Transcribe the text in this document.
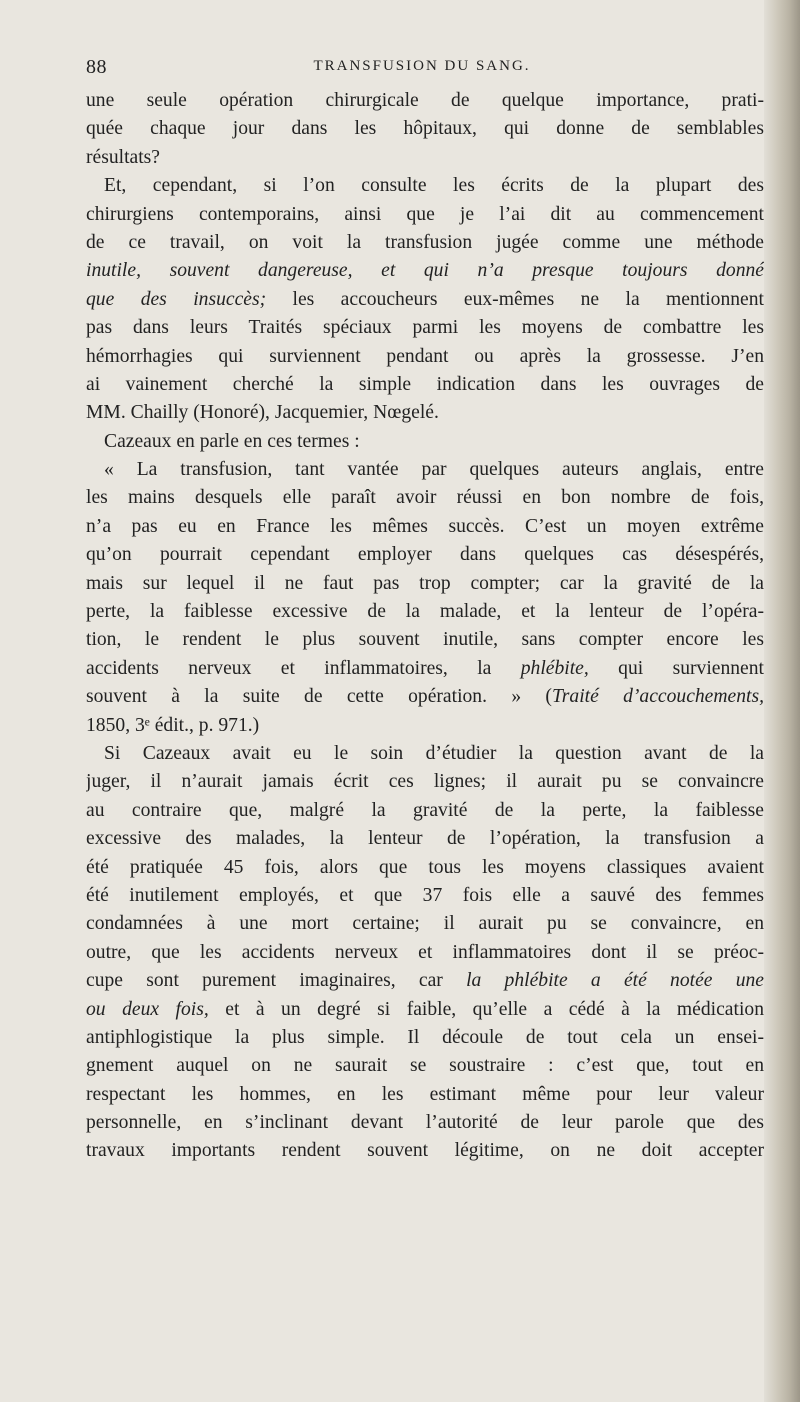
88	TRANSFUSION DU SANG.
une seule opération chirurgicale de quelque importance, prati-
quée chaque jour dans les hôpitaux, qui donne de semblables
résultats?
Et, cependant, si l’on consulte les écrits de la plupart des
chirurgiens contemporains, ainsi que je l’ai dit au commencement
de ce travail, on voit la transfusion jugée comme une méthode
inutile, souvent dangereuse, et qui n’a presque toujours donné
que des insuccès; les accoucheurs eux-mêmes ne la mentionnent
pas dans leurs Traités spéciaux parmi les moyens de combattre les
hémorrhagies qui surviennent pendant ou après la grossesse. J’en
ai vainement cherché la simple indication dans les ouvrages de
MM. Chailly (Honoré), Jacquemier, Nœgelé.
Cazeaux en parle en ces termes :
« La transfusion, tant vantée par quelques auteurs anglais, entre
les mains desquels elle paraît avoir réussi en bon nombre de fois,
n’a pas eu en France les mêmes succès. C’est un moyen extrême
qu’on pourrait cependant employer dans quelques cas désespérés,
mais sur lequel il ne faut pas trop compter; car la gravité de la
perte, la faiblesse excessive de la malade, et la lenteur de l’opéra-
tion, le rendent le plus souvent inutile, sans compter encore les
accidents nerveux et inflammatoires, la phlébite, qui surviennent
souvent à la suite de cette opération. » (Traité d’accouchements,
1850, 3ᵉ édit., p. 971.)
Si Cazeaux avait eu le soin d’étudier la question avant de la
juger, il n’aurait jamais écrit ces lignes; il aurait pu se convaincre
au contraire que, malgré la gravité de la perte, la faiblesse
excessive des malades, la lenteur de l’opération, la transfusion a
été pratiquée 45 fois, alors que tous les moyens classiques avaient
été inutilement employés, et que 37 fois elle a sauvé des femmes
condamnées à une mort certaine; il aurait pu se convaincre, en
outre, que les accidents nerveux et inflammatoires dont il se préoc-
cupe sont purement imaginaires, car la phlébite a été notée une
ou deux fois, et à un degré si faible, qu’elle a cédé à la médication
antiphlogistique la plus simple. Il découle de tout cela un ensei-
gnement auquel on ne saurait se soustraire : c’est que, tout en
respectant les hommes, en les estimant même pour leur valeur
personnelle, en s’inclinant devant l’autorité de leur parole que des
travaux importants rendent souvent légitime, on ne doit accepter
